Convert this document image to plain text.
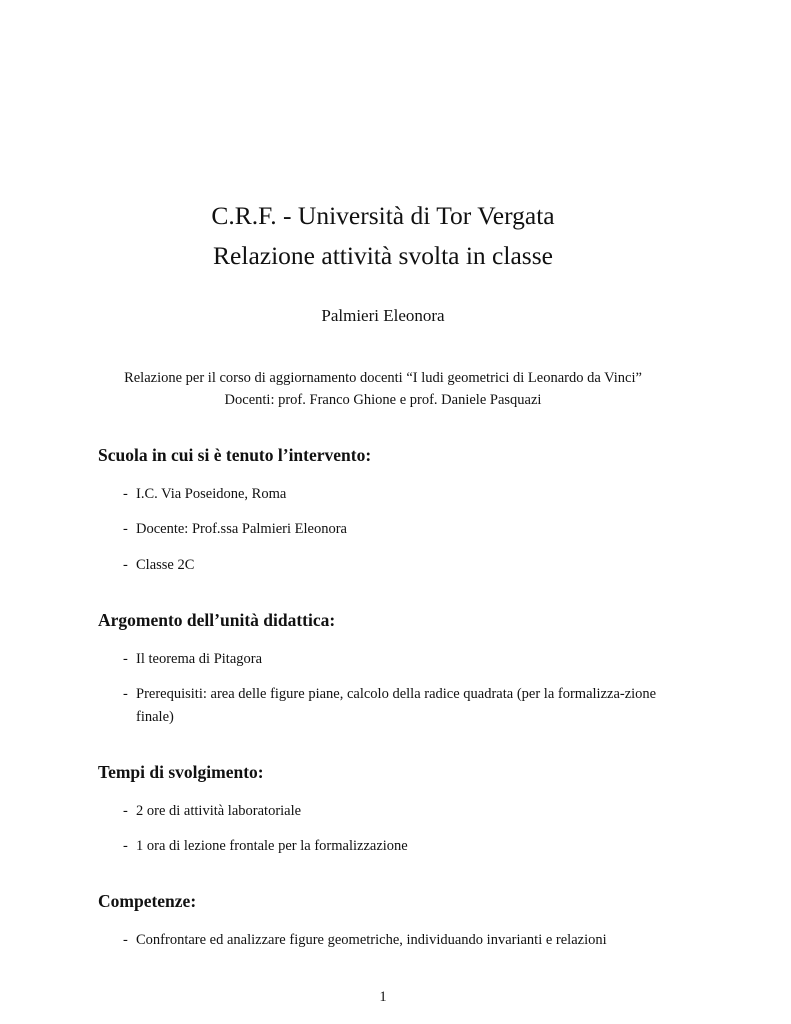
C.R.F. - Università di Tor Vergata
Relazione attività svolta in classe
Palmieri Eleonora
Relazione per il corso di aggiornamento docenti “I ludi geometrici di Leonardo da Vinci”
Docenti: prof. Franco Ghione e prof. Daniele Pasquazi
Scuola in cui si è tenuto l’intervento:
- I.C. Via Poseidone, Roma
- Docente: Prof.ssa Palmieri Eleonora
- Classe 2C
Argomento dell’unità didattica:
- Il teorema di Pitagora
- Prerequisiti: area delle figure piane, calcolo della radice quadrata (per la formalizza-zione finale)
Tempi di svolgimento:
- 2 ore di attività laboratoriale
- 1 ora di lezione frontale per la formalizzazione
Competenze:
- Confrontare ed analizzare figure geometriche, individuando invarianti e relazioni
1
